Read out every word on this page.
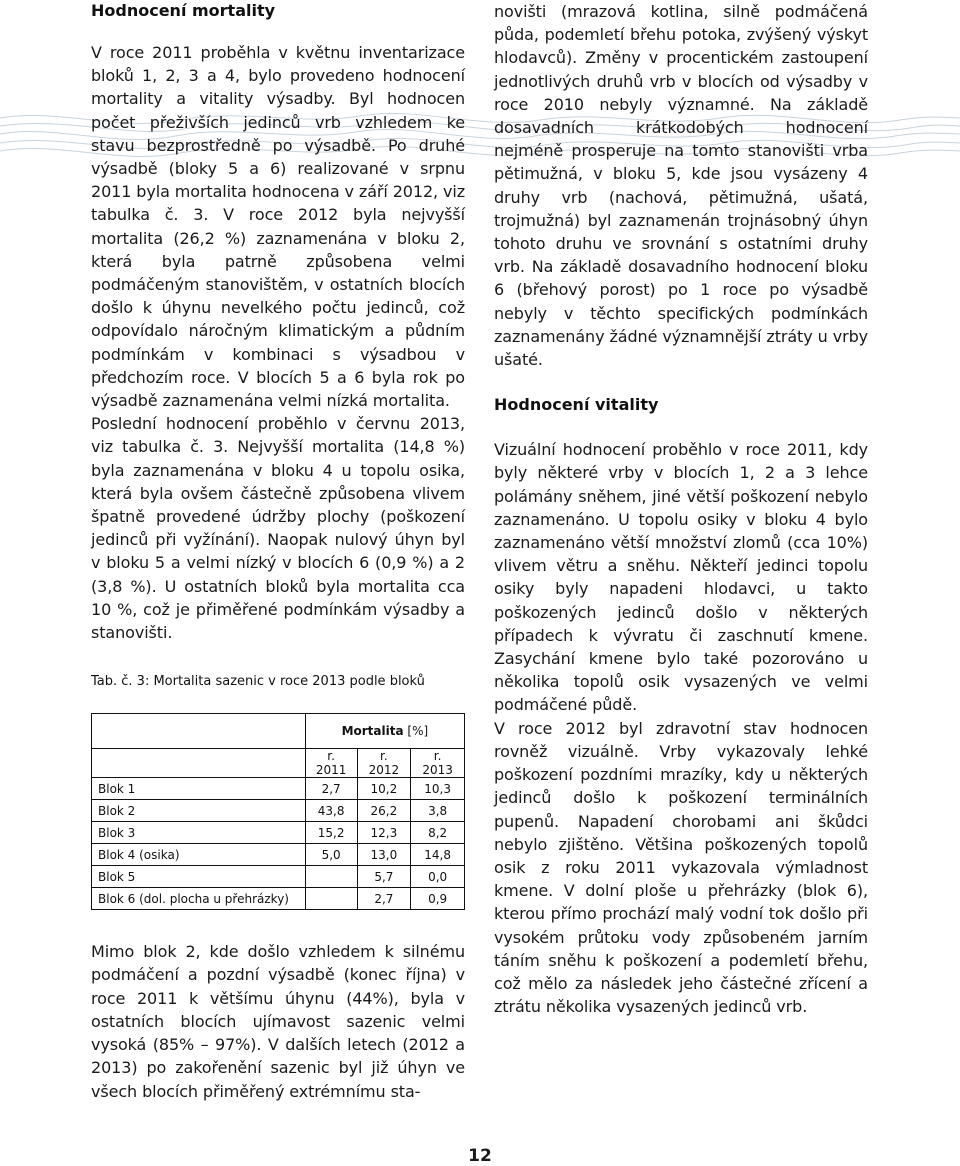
Hodnocení mortality

V roce 2011 proběhla v květnu inventarizace bloků 1, 2, 3 a 4, bylo provedeno hodnocení mortality a vitality výsadby. Byl hodnocen počet přeživších jedinců vrb vzhledem ke stavu bezprostředně po výsadbě. Po druhé výsadbě (bloky 5 a 6) realizované v srpnu 2011 byla mortalita hodnocena v září 2012, viz tabulka č. 3. V roce 2012 byla nejvyšší mortalita (26,2 %) zaznamenána v bloku 2, která byla patrně způsobena velmi podmáčeným stanovištěm, v ostatních blocích došlo k úhynu nevelkého počtu jedinců, což odpovídalo náročným klimatickým a půdním podmínkám v kombinaci s výsadbou v předchozím roce. V blocích 5 a 6 byla rok po výsadbě zaznamenána velmi nízká mortalita.

Poslední hodnocení proběhlo v červnu 2013, viz tabulka č. 3. Nejvyšší mortalita (14,8 %) byla zaznamenána v bloku 4 u topolu osika, která byla ovšem částečně způsobena vlivem špatně provedené údržby plochy (poškození jedinců při vyžínání). Naopak nulový úhyn byl v bloku 5 a velmi nízký v blocích 6 (0,9 %) a 2 (3,8 %). U ostatních bloků byla mortalita cca 10 %, což je přiměřené podmínkám výsadby a stanovišti.

Tab. č. 3: Mortalita sazenic v roce 2013 podle bloků

	Mortalita [%]		
	r. 2011	r. 2012	r. 2013
Blok 1	2,7	10,2	10,3
Blok 2	43,8	26,2	3,8
Blok 3	15,2	12,3	8,2
Blok 4 (osika)	5,0	13,0	14,8
Blok 5		5,7	0,0
Blok 6 (dol. plocha u přehrázky)		2,7	0,9

Mimo blok 2, kde došlo vzhledem k silnému podmáčení a pozdní výsadbě (konec října) v roce 2011 k většímu úhynu (44%), byla v ostatních blocích ujímavost sazenic velmi vysoká (85% – 97%). V dalších letech (2012 a 2013) po zakořenění sazenic byl již úhyn ve všech blocích přiměřený extrémnímu sta-

novišti (mrazová kotlina, silně podmáčená půda, podemletí břehu potoka, zvýšený výskyt hlodavců). Změny v procentickém zastoupení jednotlivých druhů vrb v blocích od výsadby v roce 2010 nebyly významné. Na základě dosavadních krátkodobých hodnocení nejméně prosperuje na tomto stanovišti vrba pětimužná, v bloku 5, kde jsou vysázeny 4 druhy vrb (nachová, pětimužná, ušatá, trojmužná) byl zaznamenán trojnásobný úhyn tohoto druhu ve srovnání s ostatními druhy vrb. Na základě dosavadního hodnocení bloku 6 (břehový porost) po 1 roce po výsadbě nebyly v těchto specifických podmínkách zaznamenány žádné významnější ztráty u vrby ušaté.

Hodnocení vitality

Vizuální hodnocení proběhlo v roce 2011, kdy byly některé vrby v blocích 1, 2 a 3 lehce polámány sněhem, jiné větší poškození nebylo zaznamenáno. U topolu osiky v bloku 4 bylo zaznamenáno větší množství zlomů (cca 10%) vlivem větru a sněhu. Někteří jedinci topolu osiky byly napadeni hlodavci, u takto poškozených jedinců došlo v některých případech k vývratu či zaschnutí kmene. Zasychání kmene bylo také pozorováno u několika topolů osik vysazených ve velmi podmáčené půdě.

V roce 2012 byl zdravotní stav hodnocen rovněž vizuálně. Vrby vykazovaly lehké poškození pozdními mrazíky, kdy u některých jedinců došlo k poškození terminálních pupenů. Napadení chorobami ani škůdci nebylo zjištěno. Většina poškozených topolů osik z roku 2011 vykazovala výmladnost kmene. V dolní ploše u přehrázky (blok 6), kterou přímo prochází malý vodní tok došlo při vysokém průtoku vody způsobeném jarním táním sněhu k poškození a podemletí břehu, což mělo za následek jeho částečné zřícení a ztrátu několika vysazených jedinců vrb.

12
